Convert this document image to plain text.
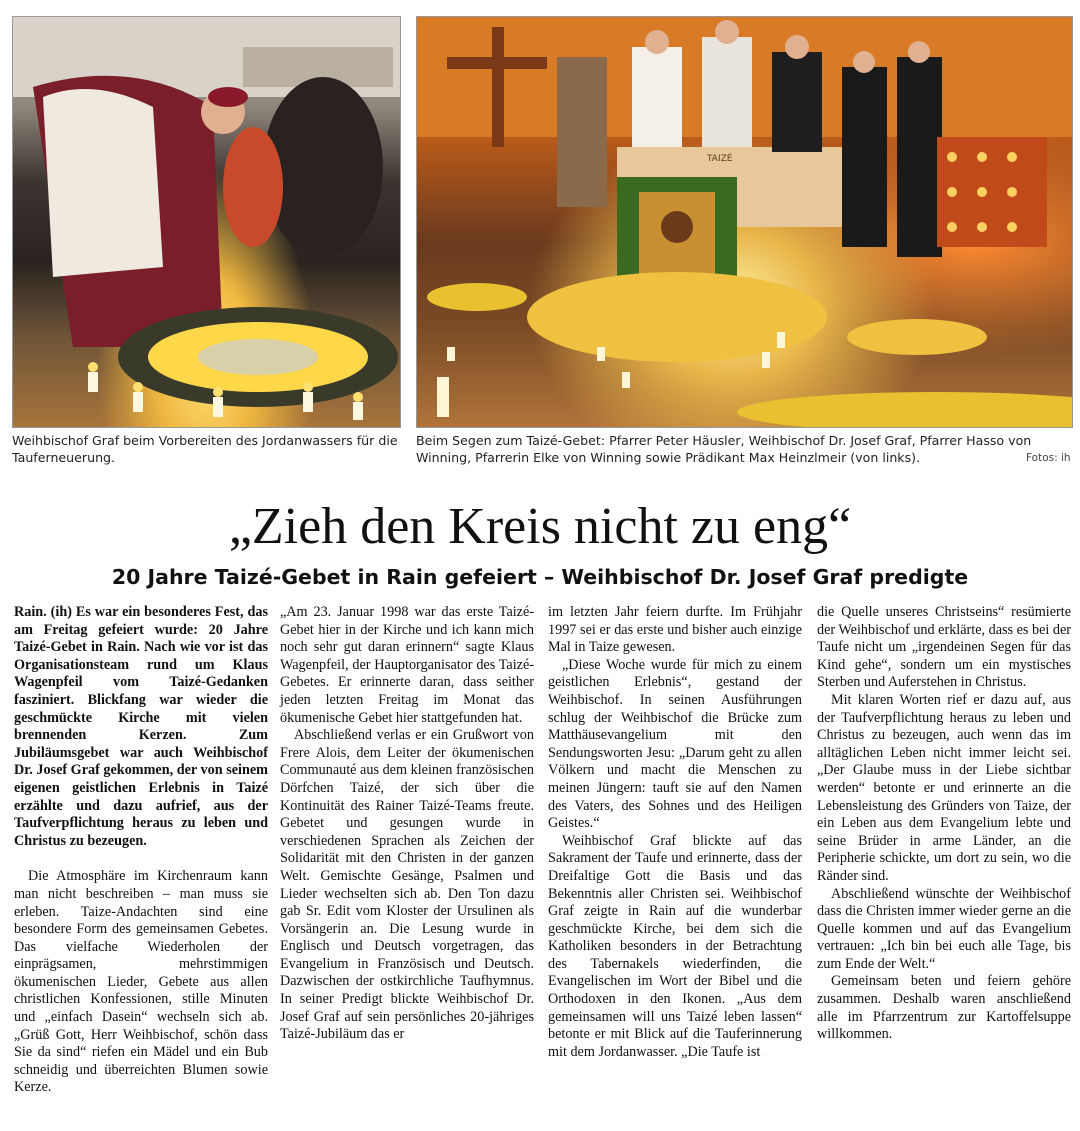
TAIZÉ
Weihbischof Graf beim Vorbereiten des Jordanwassers für die Tauferneuerung.
Beim Segen zum Taizé-Gebet: Pfarrer Peter Häusler, Weihbischof Dr. Josef Graf, Pfarrer Hasso von Winning, Pfarrerin Elke von Winning sowie Prädikant Max Heinzlmeir (von links).	Fotos: ih
„Zieh den Kreis nicht zu eng“
20 Jahre Taizé-Gebet in Rain gefeiert – Weihbischof Dr. Josef Graf predigte

Rain. (ih) Es war ein besonderes Fest, das am Freitag gefeiert wurde: 20 Jahre Taizé-Gebet in Rain. Nach wie vor ist das Organisationsteam rund um Klaus Wagenpfeil vom Taizé-Gedanken fasziniert. Blickfang war wieder die geschmückte Kirche mit vielen brennenden Kerzen. Zum Jubiläumsgebet war auch Weihbischof Dr. Josef Graf gekommen, der von seinem eigenen geistlichen Erlebnis in Taizé erzählte und dazu aufrief, aus der Taufverpflichtung heraus zu leben und Christus zu bezeugen.

Die Atmosphäre im Kirchenraum kann man nicht beschreiben – man muss sie erleben. Taize-Andachten sind eine besondere Form des gemeinsamen Gebetes. Das vielfache Wiederholen der einprägsamen, mehrstimmigen ökumenischen Lieder, Gebete aus allen christlichen Konfessionen, stille Minuten und „einfach Dasein“ wechseln sich ab. „Grüß Gott, Herr Weihbischof, schön dass Sie da sind“ riefen ein Mädel und ein Bub schneidig und überreichten Blumen sowie Kerze.

„Am 23. Januar 1998 war das erste Taizé-Gebet hier in der Kirche und ich kann mich noch sehr gut daran erinnern“ sagte Klaus Wagenpfeil, der Hauptorganisator des Taizé-Gebetes. Er erinnerte daran, dass seither jeden letzten Freitag im Monat das ökumenische Gebet hier stattgefunden hat.

Abschließend verlas er ein Grußwort von Frere Alois, dem Leiter der ökumenischen Communauté aus dem kleinen französischen Dörfchen Taizé, der sich über die Kontinuität des Rainer Taizé-Teams freute. Gebetet und gesungen wurde in verschiedenen Sprachen als Zeichen der Solidarität mit den Christen in der ganzen Welt. Gemischte Gesänge, Psalmen und Lieder wechselten sich ab. Den Ton dazu gab Sr. Edit vom Kloster der Ursulinen als Vorsängerin an. Die Lesung wurde in Englisch und Deutsch vorgetragen, das Evangelium in Französisch und Deutsch. Dazwischen der ostkirchliche Taufhymnus. In seiner Predigt blickte Weihbischof Dr. Josef Graf auf sein persönliches 20-jähriges Taizé-Jubiläum das er

im letzten Jahr feiern durfte. Im Frühjahr 1997 sei er das erste und bisher auch einzige Mal in Taize gewesen.

„Diese Woche wurde für mich zu einem geistlichen Erlebnis“, gestand der Weihbischof. In seinen Ausführungen schlug der Weihbischof die Brücke zum Matthäusevangelium mit den Sendungsworten Jesu: „Darum geht zu allen Völkern und macht die Menschen zu meinen Jüngern: tauft sie auf den Namen des Vaters, des Sohnes und des Heiligen Geistes.“

Weihbischof Graf blickte auf das Sakrament der Taufe und erinnerte, dass der Dreifaltige Gott die Basis und das Bekenntnis aller Christen sei. Weihbischof Graf zeigte in Rain auf die wunderbar geschmückte Kirche, bei dem sich die Katholiken besonders in der Betrachtung des Tabernakels wiederfinden, die Evangelischen im Wort der Bibel und die Orthodoxen in den Ikonen. „Aus dem gemeinsamen will uns Taizé leben lassen“ betonte er mit Blick auf die Tauferinnerung mit dem Jordanwasser. „Die Taufe ist

die Quelle unseres Christseins“ resümierte der Weihbischof und erklärte, dass es bei der Taufe nicht um „irgendeinen Segen für das Kind gehe“, sondern um ein mystisches Sterben und Auferstehen in Christus.

Mit klaren Worten rief er dazu auf, aus der Taufverpflichtung heraus zu leben und Christus zu bezeugen, auch wenn das im alltäglichen Leben nicht immer leicht sei. „Der Glaube muss in der Liebe sichtbar werden“ betonte er und erinnerte an die Lebensleistung des Gründers von Taize, der ein Leben aus dem Evangelium lebte und seine Brüder in arme Länder, an die Peripherie schickte, um dort zu sein, wo die Ränder sind.

Abschließend wünschte der Weihbischof dass die Christen immer wieder gerne an die Quelle kommen und auf das Evangelium vertrauen: „Ich bin bei euch alle Tage, bis zum Ende der Welt.“

Gemeinsam beten und feiern gehöre zusammen. Deshalb waren anschließend alle im Pfarrzentrum zur Kartoffelsuppe willkommen.
